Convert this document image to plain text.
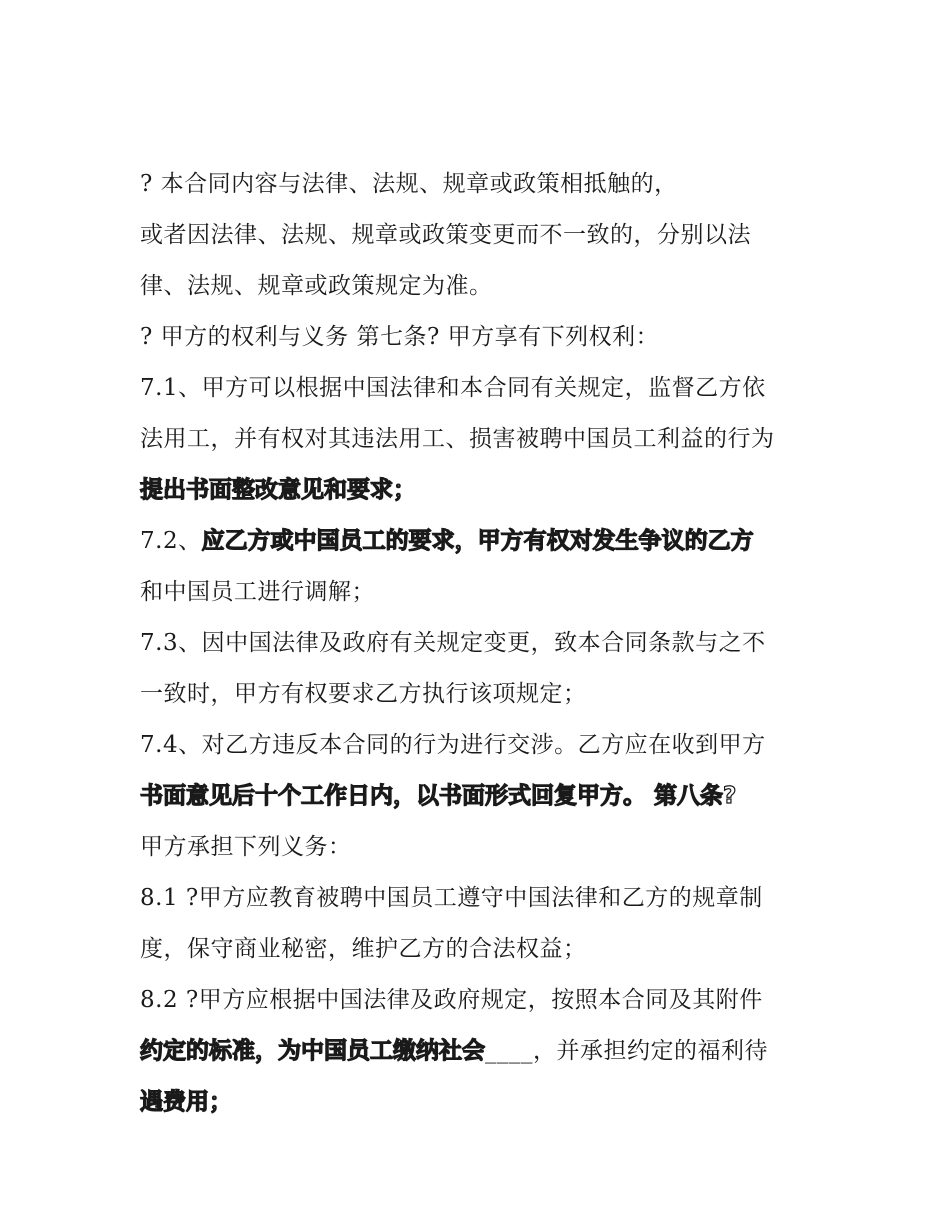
? 本合同内容与法律、法规、规章或政策相抵触的，
或者因法律、法规、规章或政策变更而不一致的，分别以法
律、法规、规章或政策规定为准。
? 甲方的权利与义务 第七条? 甲方享有下列权利：
7.1、甲方可以根据中国法律和本合同有关规定，监督乙方依
法用工，并有权对其违法用工、损害被聘中国员工利益的行为
提出书面整改意见和要求；
7.2、应乙方或中国员工的要求，甲方有权对发生争议的乙方
和中国员工进行调解；
7.3、因中国法律及政府有关规定变更，致本合同条款与之不
一致时，甲方有权要求乙方执行该项规定；
7.4、对乙方违反本合同的行为进行交涉。乙方应在收到甲方
书面意见后十个工作日内，以书面形式回复甲方。 第八条?
甲方承担下列义务：
8.1 ?甲方应教育被聘中国员工遵守中国法律和乙方的规章制
度，保守商业秘密，维护乙方的合法权益；
8.2 ?甲方应根据中国法律及政府规定，按照本合同及其附件
约定的标准，为中国员工缴纳社会____，并承担约定的福利待
遇费用；
